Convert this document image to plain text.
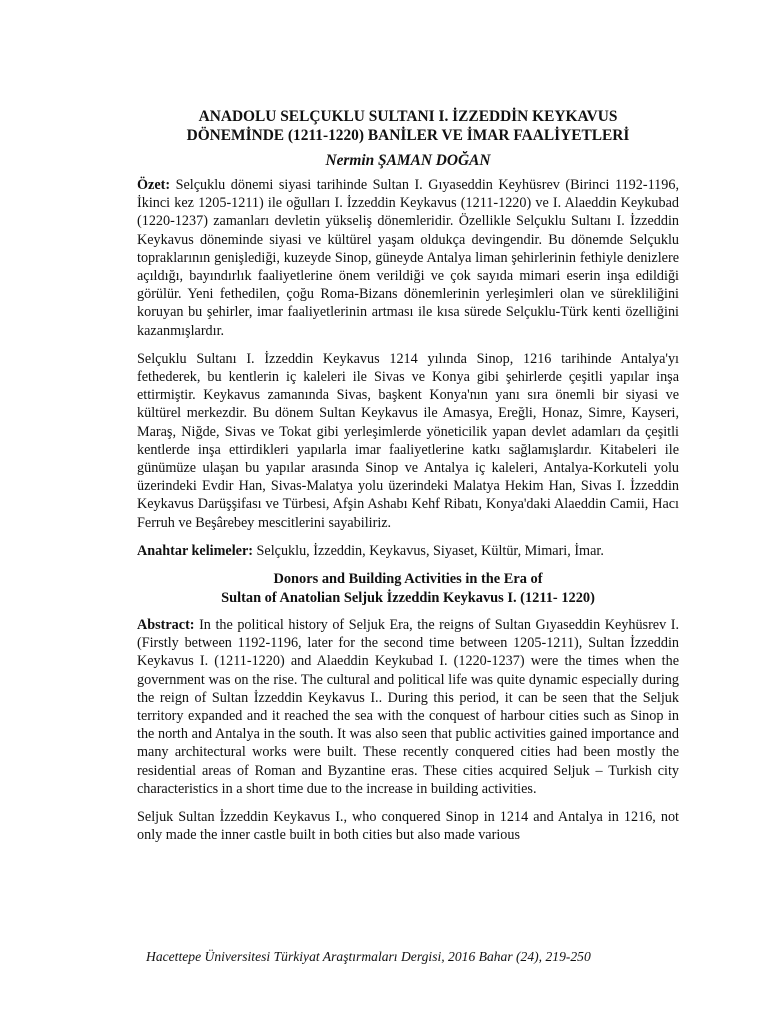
ANADOLU SELÇUKLU SULTANI I. İZZEDDİN KEYKAVUS
DÖNEMİNDE (1211-1220) BANİLER VE İMAR FAALİYETLERİ
Nermin ŞAMAN DOĞAN

Özet: Selçuklu dönemi siyasi tarihinde Sultan I. Gıyaseddin Keyhüsrev (Birinci 1192-1196, İkinci kez 1205-1211) ile oğulları I. İzzeddin Keykavus (1211-1220) ve I. Alaeddin Keykubad (1220-1237) zamanları devletin yükseliş dönemleridir. Özellikle Selçuklu Sultanı I. İzzeddin Keykavus döneminde siyasi ve kültürel yaşam oldukça devingendir. Bu dönemde Selçuklu topraklarının genişlediği, kuzeyde Sinop, güneyde Antalya liman şehirlerinin fethiyle denizlere açıldığı, bayındırlık faaliyetlerine önem verildiği ve çok sayıda mimari eserin inşa edildiği görülür. Yeni fethedilen, çoğu Roma-Bizans dönemlerinin yerleşimleri olan ve sürekliliğini koruyan bu şehirler, imar faaliyetlerinin artması ile kısa sürede Selçuklu-Türk kenti özelliğini kazanmışlardır.

Selçuklu Sultanı I. İzzeddin Keykavus 1214 yılında Sinop, 1216 tarihinde Antalya'yı fethederek, bu kentlerin iç kaleleri ile Sivas ve Konya gibi şehirlerde çeşitli yapılar inşa ettirmiştir. Keykavus zamanında Sivas, başkent Konya'nın yanı sıra önemli bir siyasi ve kültürel merkezdir. Bu dönem Sultan Keykavus ile Amasya, Ereğli, Honaz, Simre, Kayseri, Maraş, Niğde, Sivas ve Tokat gibi yerleşimlerde yöneticilik yapan devlet adamları da çeşitli kentlerde inşa ettirdikleri yapılarla imar faaliyetlerine katkı sağlamışlardır. Kitabeleri ile günümüze ulaşan bu yapılar arasında Sinop ve Antalya iç kaleleri, Antalya-Korkuteli yolu üzerindeki Evdir Han, Sivas-Malatya yolu üzerindeki Malatya Hekim Han, Sivas I. İzzeddin Keykavus Darüşşifası ve Türbesi, Afşin Ashabı Kehf Ribatı, Konya'daki Alaeddin Camii, Hacı Ferruh ve Beşârebey mescitlerini sayabiliriz.

Anahtar kelimeler: Selçuklu, İzzeddin, Keykavus, Siyaset, Kültür, Mimari, İmar.

Donors and Building Activities in the Era of
Sultan of Anatolian Seljuk İzzeddin Keykavus I. (1211- 1220)

Abstract: In the political history of Seljuk Era, the reigns of Sultan Gıyaseddin Keyhüsrev I. (Firstly between 1192-1196, later for the second time between 1205-1211), Sultan İzzeddin Keykavus I. (1211-1220) and Alaeddin Keykubad I. (1220-1237) were the times when the government was on the rise. The cultural and political life was quite dynamic especially during the reign of Sultan İzzeddin Keykavus I.. During this period, it can be seen that the Seljuk territory expanded and it reached the sea with the conquest of harbour cities such as Sinop in the north and Antalya in the south. It was also seen that public activities gained importance and many architectural works were built. These recently conquered cities had been mostly the residential areas of Roman and Byzantine eras. These cities acquired Seljuk – Turkish city characteristics in a short time due to the increase in building activities.

Seljuk Sultan İzzeddin Keykavus I., who conquered Sinop in 1214 and Antalya in 1216, not only made the inner castle built in both cities but also made various

Hacettepe Üniversitesi Türkiyat Araştırmaları Dergisi, 2016 Bahar (24), 219-250
